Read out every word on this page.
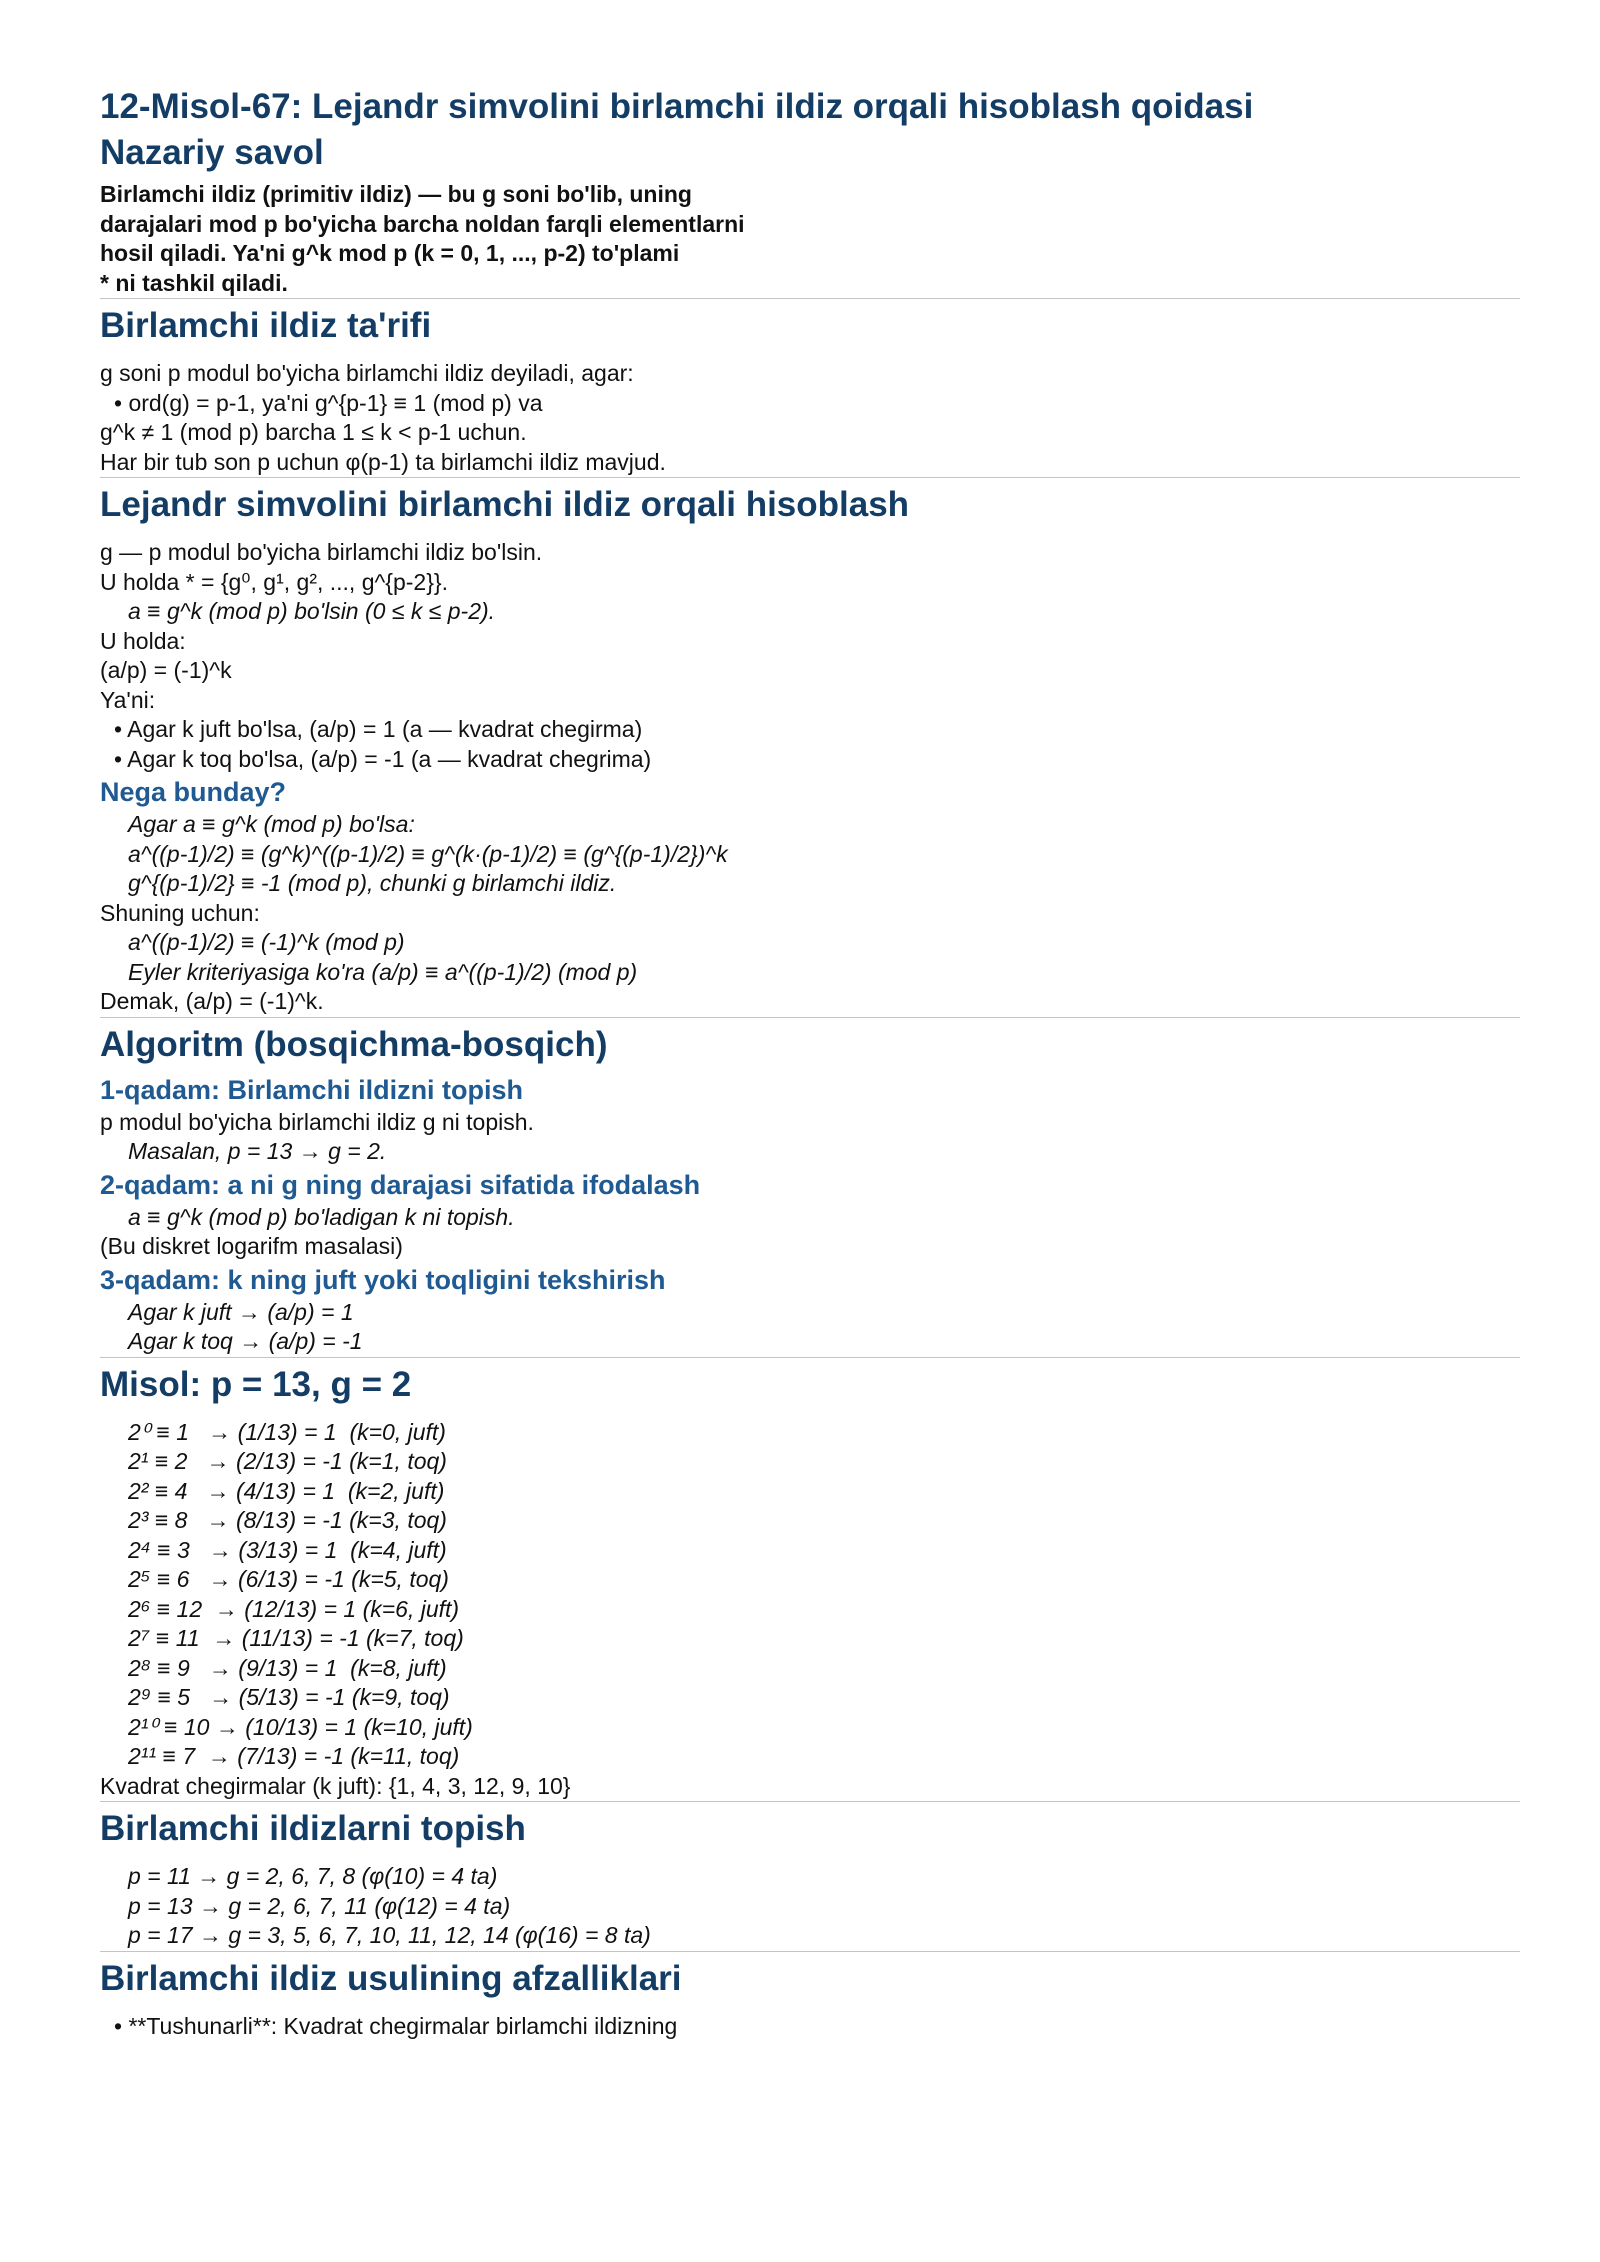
12-Misol-67: Lejandr simvolini birlamchi ildiz orqali hisoblash qoidasi
Nazariy savol
Birlamchi ildiz (primitiv ildiz) — bu g soni bo'lib, uning
darajalari mod p bo'yicha barcha noldan farqli elementlarni
hosil qiladi. Ya'ni g^k mod p (k = 0, 1, ..., p-2) to'plami
* ni tashkil qiladi.
Birlamchi ildiz ta'rifi
g soni p modul bo'yicha birlamchi ildiz deyiladi, agar:
• ord(g) = p-1, ya'ni g^{p-1} ≡ 1 (mod p) va
g^k ≠ 1 (mod p) barcha 1 ≤ k < p-1 uchun.
Har bir tub son p uchun φ(p-1) ta birlamchi ildiz mavjud.
Lejandr simvolini birlamchi ildiz orqali hisoblash
g — p modul bo'yicha birlamchi ildiz bo'lsin.
U holda * = {g⁰, g¹, g², ..., g^{p-2}}.
a ≡ g^k (mod p) bo'lsin (0 ≤ k ≤ p-2).
U holda:
(a/p) = (-1)^k
Ya'ni:
• Agar k juft bo'lsa, (a/p) = 1 (a — kvadrat chegirma)
• Agar k toq bo'lsa, (a/p) = -1 (a — kvadrat chegrima)
Nega bunday?
Agar a ≡ g^k (mod p) bo'lsa:
a^((p-1)/2) ≡ (g^k)^((p-1)/2) ≡ g^(k·(p-1)/2) ≡ (g^{(p-1)/2})^k
g^{(p-1)/2} ≡ -1 (mod p), chunki g birlamchi ildiz.
Shuning uchun:
a^((p-1)/2) ≡ (-1)^k (mod p)
Eyler kriteriyasiga ko'ra (a/p) ≡ a^((p-1)/2) (mod p)
Demak, (a/p) = (-1)^k.
Algoritm (bosqichma-bosqich)
1-qadam: Birlamchi ildizni topish
p modul bo'yicha birlamchi ildiz g ni topish.
Masalan, p = 13 → g = 2.
2-qadam: a ni g ning darajasi sifatida ifodalash
a ≡ g^k (mod p) bo'ladigan k ni topish.
(Bu diskret logarifm masalasi)
3-qadam: k ning juft yoki toqligini tekshirish
Agar k juft → (a/p) = 1
Agar k toq → (a/p) = -1
Misol: p = 13, g = 2
2⁰ ≡ 1   → (1/13) = 1  (k=0, juft)
2¹ ≡ 2   → (2/13) = -1 (k=1, toq)
2² ≡ 4   → (4/13) = 1  (k=2, juft)
2³ ≡ 8   → (8/13) = -1 (k=3, toq)
2⁴ ≡ 3   → (3/13) = 1  (k=4, juft)
2⁵ ≡ 6   → (6/13) = -1 (k=5, toq)
2⁶ ≡ 12  → (12/13) = 1 (k=6, juft)
2⁷ ≡ 11  → (11/13) = -1 (k=7, toq)
2⁸ ≡ 9   → (9/13) = 1  (k=8, juft)
2⁹ ≡ 5   → (5/13) = -1 (k=9, toq)
2¹⁰ ≡ 10 → (10/13) = 1 (k=10, juft)
2¹¹ ≡ 7  → (7/13) = -1 (k=11, toq)
Kvadrat chegirmalar (k juft): {1, 4, 3, 12, 9, 10}
Birlamchi ildizlarni topish
p = 11 → g = 2, 6, 7, 8 (φ(10) = 4 ta)
p = 13 → g = 2, 6, 7, 11 (φ(12) = 4 ta)
p = 17 → g = 3, 5, 6, 7, 10, 11, 12, 14 (φ(16) = 8 ta)
Birlamchi ildiz usulining afzalliklari
• **Tushunarli**: Kvadrat chegirmalar birlamchi ildizning
